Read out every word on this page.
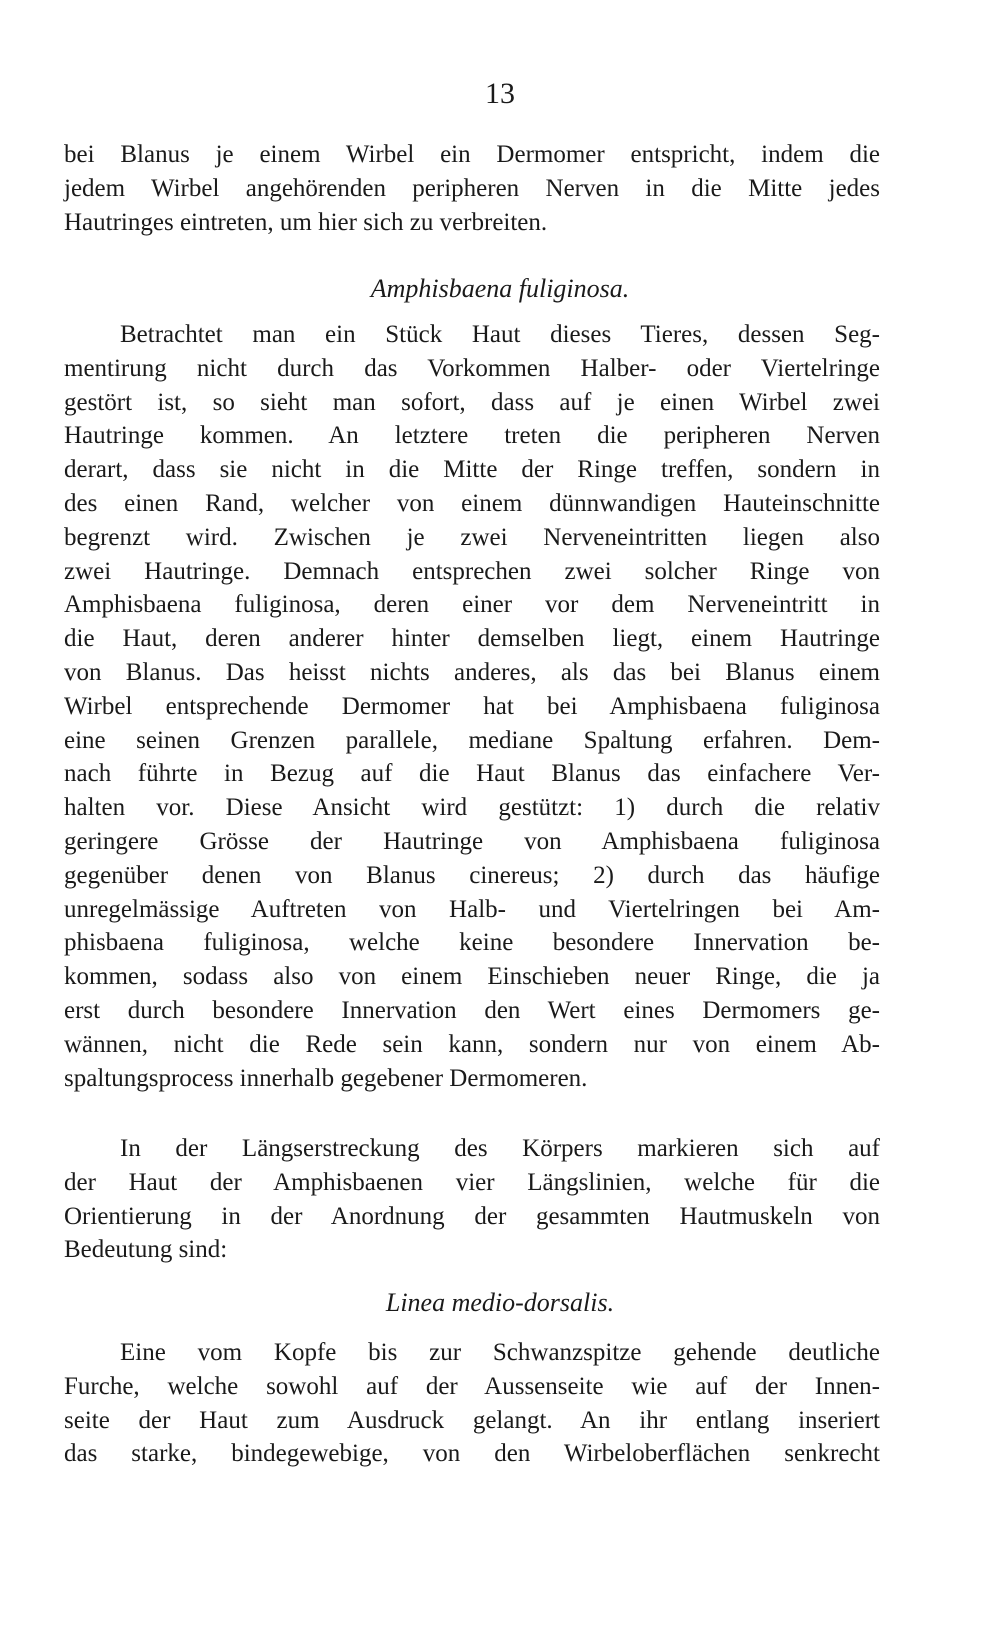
13
bei Blanus je einem Wirbel ein Dermomer entspricht, indem die
jedem Wirbel angehörenden peripheren Nerven in die Mitte jedes
Hautringes eintreten, um hier sich zu verbreiten.
Amphisbaena fuliginosa.
Betrachtet man ein Stück Haut dieses Tieres, dessen Seg-
mentirung nicht durch das Vorkommen Halber- oder Viertelringe
gestört ist, so sieht man sofort, dass auf je einen Wirbel zwei
Hautringe kommen. An letztere treten die peripheren Nerven
derart, dass sie nicht in die Mitte der Ringe treffen, sondern in
des einen Rand, welcher von einem dünnwandigen Hauteinschnitte
begrenzt wird. Zwischen je zwei Nerveneintritten liegen also
zwei Hautringe. Demnach entsprechen zwei solcher Ringe von
Amphisbaena fuliginosa, deren einer vor dem Nerveneintritt in
die Haut, deren anderer hinter demselben liegt, einem Hautringe
von Blanus. Das heisst nichts anderes, als das bei Blanus einem
Wirbel entsprechende Dermomer hat bei Amphisbaena fuliginosa
eine seinen Grenzen parallele, mediane Spaltung erfahren. Dem-
nach führte in Bezug auf die Haut Blanus das einfachere Ver-
halten vor. Diese Ansicht wird gestützt: 1) durch die relativ
geringere Grösse der Hautringe von Amphisbaena fuliginosa
gegenüber denen von Blanus cinereus; 2) durch das häufige
unregelmässige Auftreten von Halb- und Viertelringen bei Am-
phisbaena fuliginosa, welche keine besondere Innervation be-
kommen, sodass also von einem Einschieben neuer Ringe, die ja
erst durch besondere Innervation den Wert eines Dermomers ge-
wännen, nicht die Rede sein kann, sondern nur von einem Ab-
spaltungsprocess innerhalb gegebener Dermomeren.
In der Längserstreckung des Körpers markieren sich auf
der Haut der Amphisbaenen vier Längslinien, welche für die
Orientierung in der Anordnung der gesammten Hautmuskeln von
Bedeutung sind:
Linea medio-dorsalis.
Eine vom Kopfe bis zur Schwanzspitze gehende deutliche
Furche, welche sowohl auf der Aussenseite wie auf der Innen-
seite der Haut zum Ausdruck gelangt. An ihr entlang inseriert
das starke, bindegewebige, von den Wirbeloberflächen senkrecht
